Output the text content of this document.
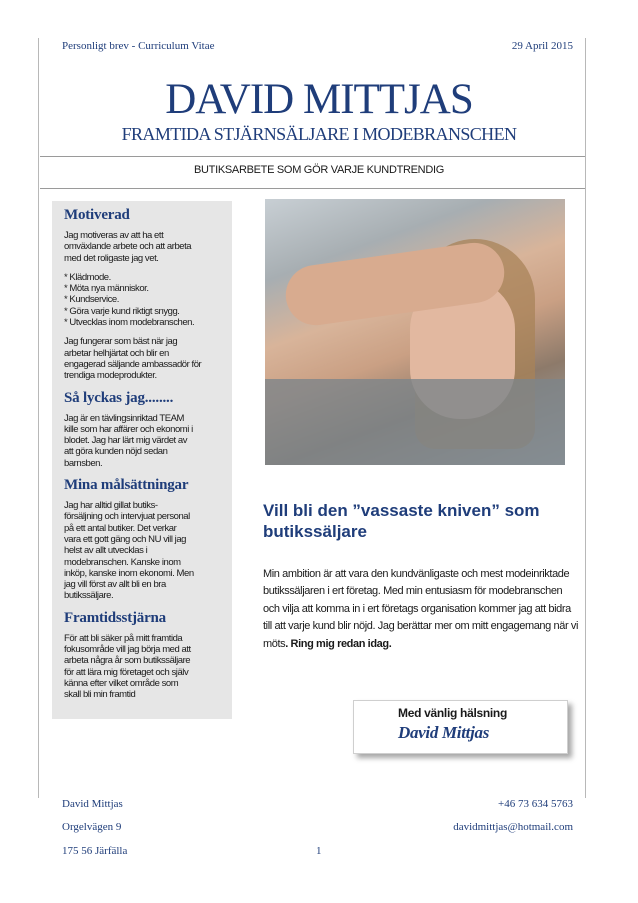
Personligt brev - Curriculum Vitae	29 April 2015
DAVID MITTJAS
FRAMTIDA STJÄRNSÄLJARE I MODEBRANSCHEN
BUTIKSARBETE SOM GÖR VARJE KUNDTRENDIG
Motiverad

Jag motiveras av att ha ett
omväxlande arbete och att arbeta
med det roligaste jag vet.

* Klädmode.
* Möta nya människor.
* Kundservice.
* Göra varje kund riktigt snygg.
* Utvecklas inom modebranschen.

Jag fungerar som bäst när jag
arbetar helhjärtat och blir en
engagerad säljande ambassadör för
trendiga modeprodukter.

Så lyckas jag........

Jag är en tävlingsinriktad TEAM
kille som har affärer och ekonomi i
blodet. Jag har lärt mig värdet av
att göra kunden nöjd sedan
barnsben.

Mina målsättningar

Jag har alltid gillat butiks-
försäljning och intervjuat personal
på ett antal butiker. Det verkar
vara ett gott gäng och NU vill jag
helst av allt utvecklas i
modebranschen. Kanske inom
inköp, kanske inom ekonomi. Men
jag vill först av allt bli en bra
butikssäljare.

Framtidsstjärna

För att bli säker på mitt framtida
fokusområde vill jag börja med att
arbeta några år som butikssäljare
för att lära mig företaget och själv
känna efter vilket område som
skall bli min framtid

Vill bli den ”vassaste kniven” som butikssäljare

Min ambition är att vara den kundvänligaste och mest modeinriktade butikssäljaren i ert företag. Med min entusiasm för modebranschen och vilja att komma in i ert företags organisation kommer jag att bidra till att varje kund blir nöjd. Jag berättar mer om mitt engagemang när vi möts. Ring mig redan idag.

Med vänlig hälsning
David Mittjas
David Mittjas
Orgelvägen 9
175 56 Järfälla
+46 73 634 5763
davidmittjas@hotmail.com
1
